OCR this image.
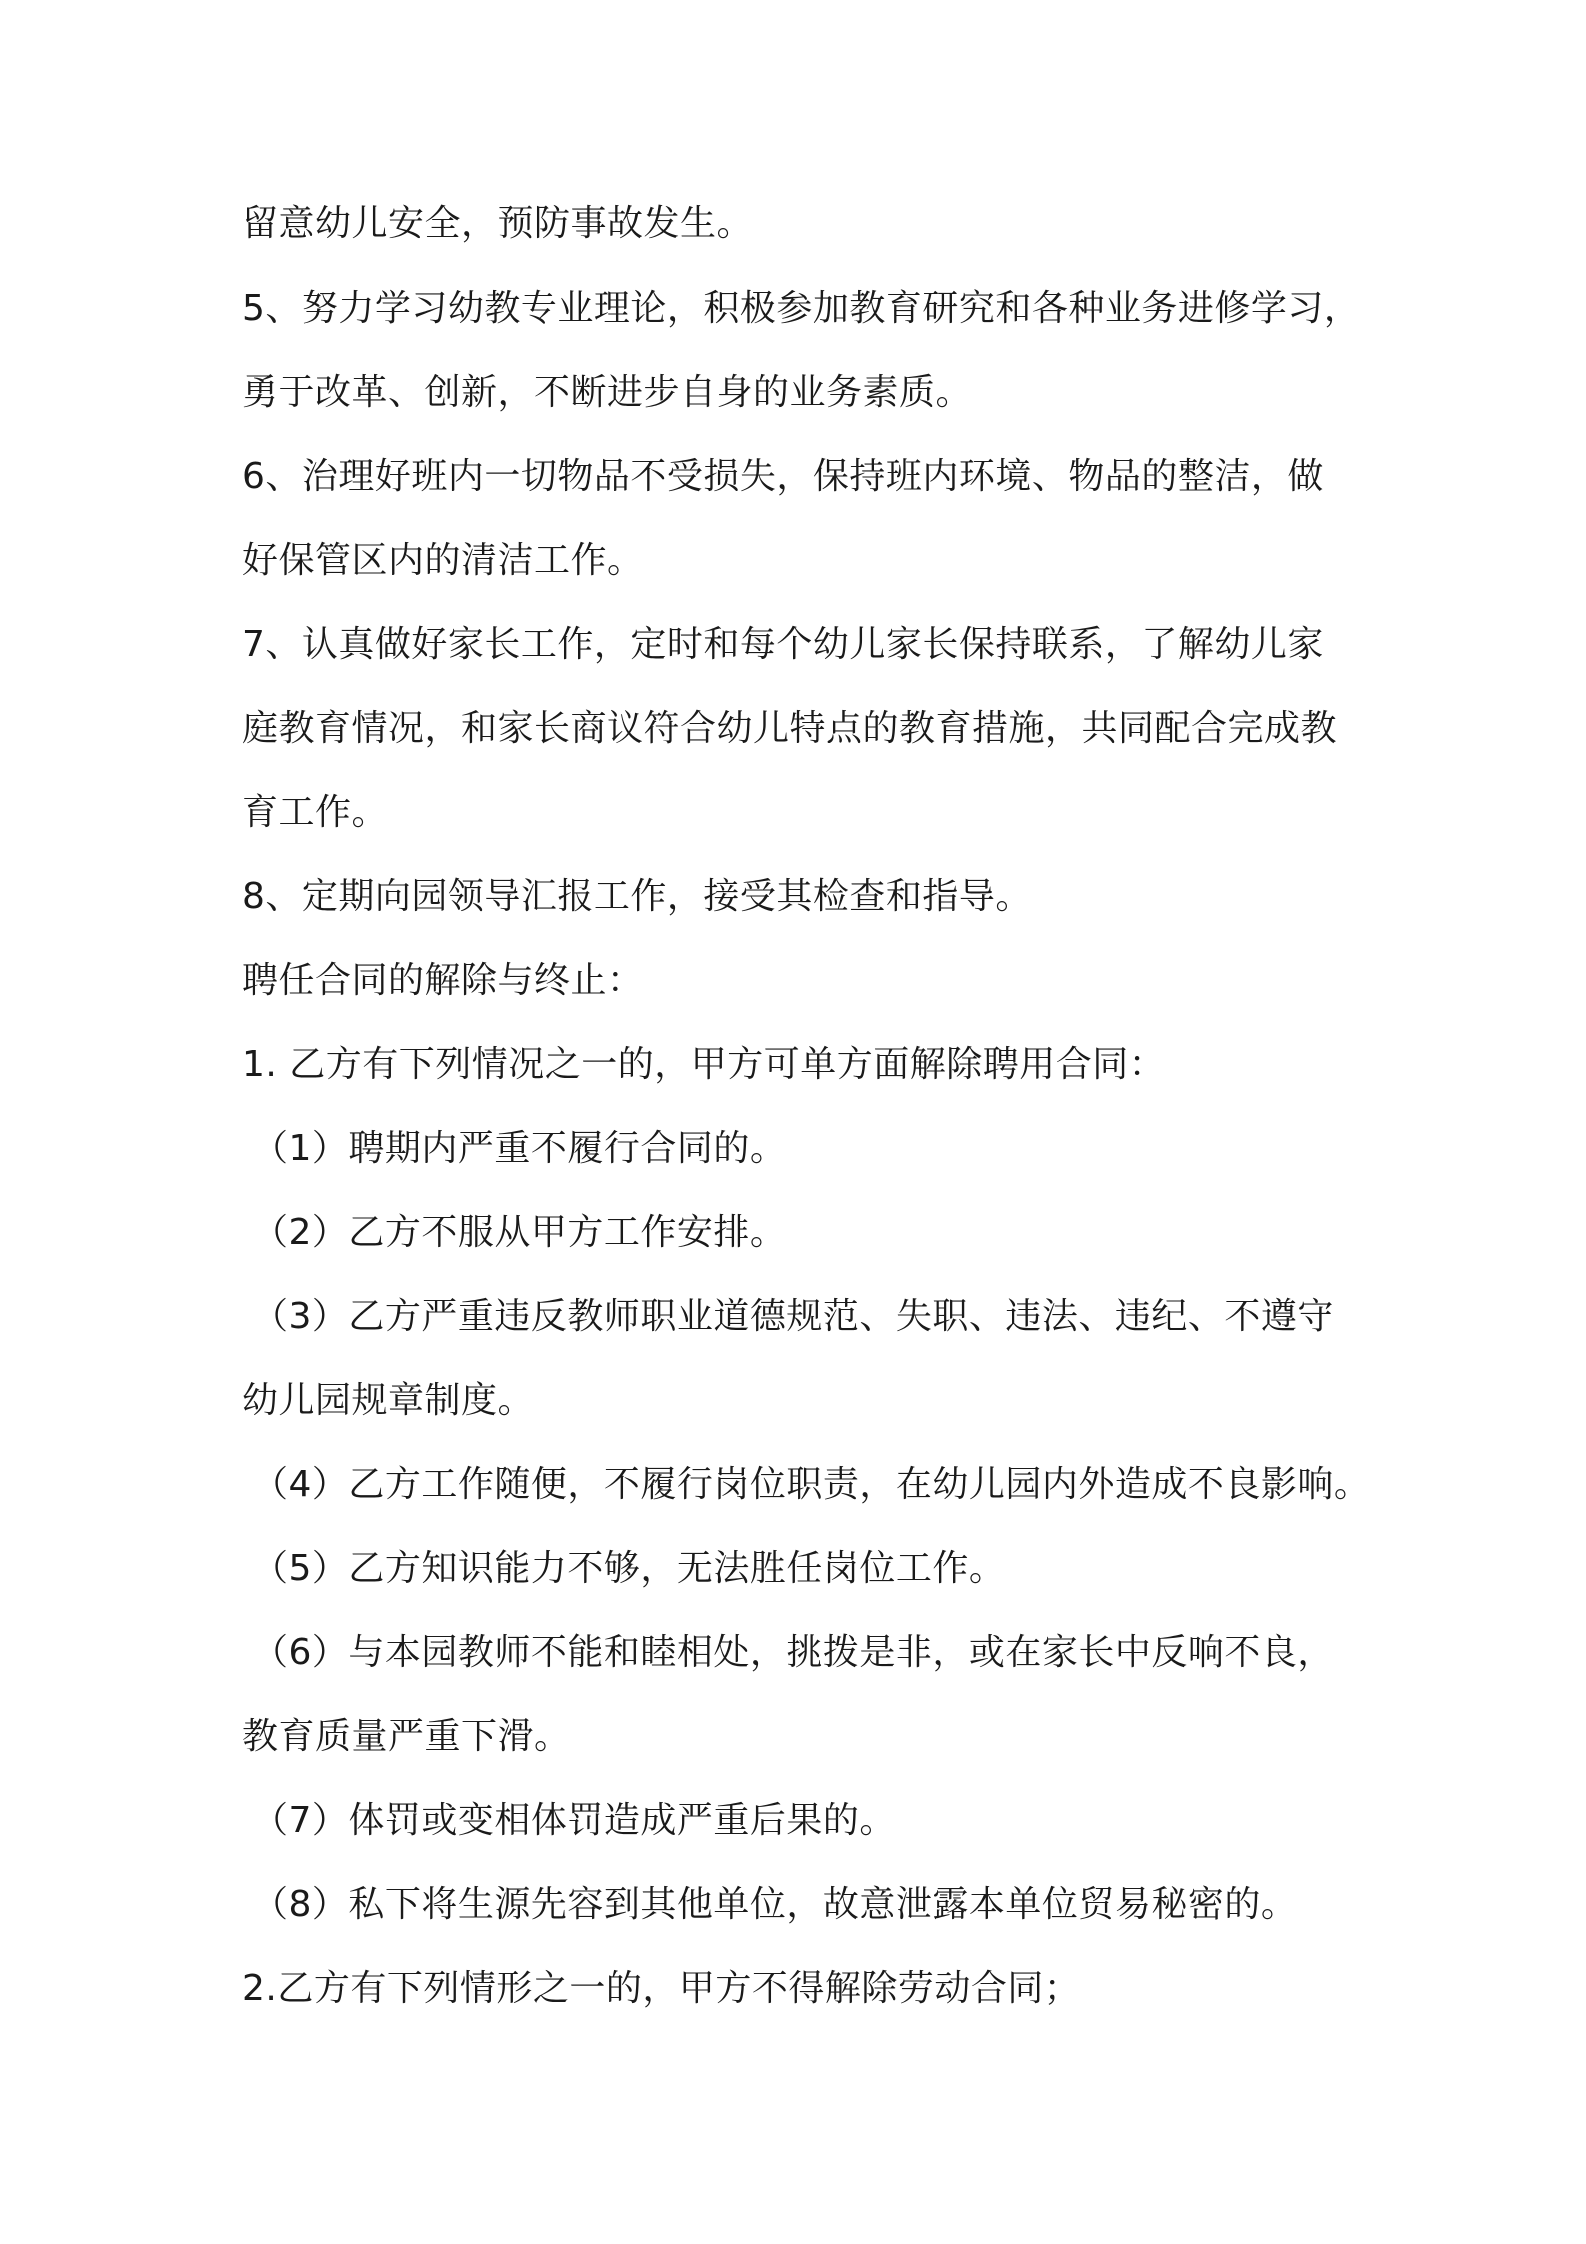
留意幼儿安全，预防事故发生。
5、努力学习幼教专业理论，积极参加教育研究和各种业务进修学习，
勇于改革、创新，不断进步自身的业务素质。
6、治理好班内一切物品不受损失，保持班内环境、物品的整洁，做
好保管区内的清洁工作。
7、认真做好家长工作，定时和每个幼儿家长保持联系，了解幼儿家
庭教育情况，和家长商议符合幼儿特点的教育措施，共同配合完成教
育工作。
8、定期向园领导汇报工作，接受其检查和指导。
聘任合同的解除与终止：
1. 乙方有下列情况之一的，甲方可单方面解除聘用合同：
（1）聘期内严重不履行合同的。
（2）乙方不服从甲方工作安排。
（3）乙方严重违反教师职业道德规范、失职、违法、违纪、不遵守
幼儿园规章制度。
（4）乙方工作随便，不履行岗位职责，在幼儿园内外造成不良影响。
（5）乙方知识能力不够，无法胜任岗位工作。
（6）与本园教师不能和睦相处，挑拨是非，或在家长中反响不良，
教育质量严重下滑。
（7）体罚或变相体罚造成严重后果的。
（8）私下将生源先容到其他单位，故意泄露本单位贸易秘密的。
2.乙方有下列情形之一的，甲方不得解除劳动合同；
